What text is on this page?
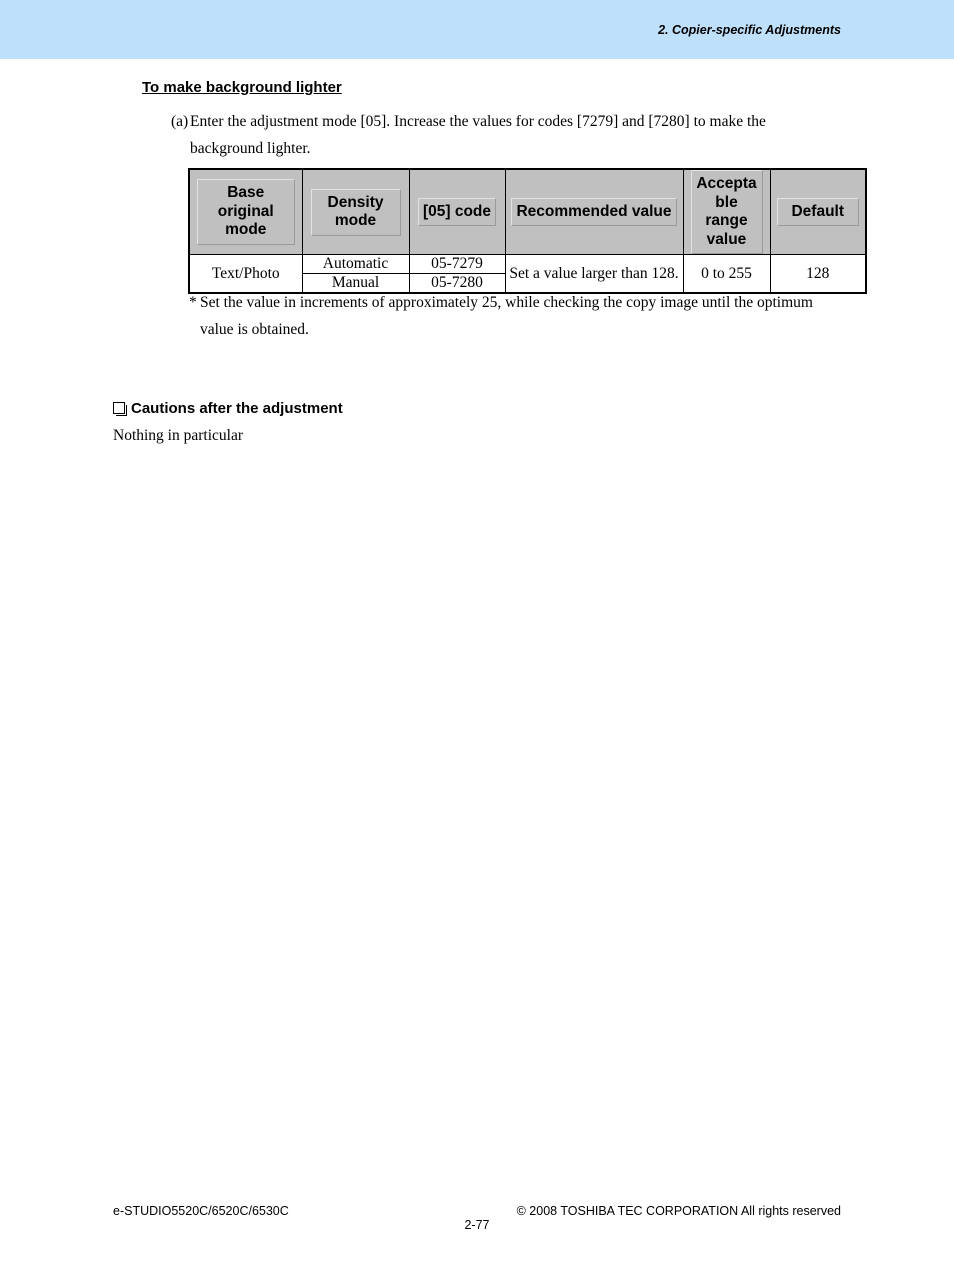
2. Copier-specific Adjustments
To make background lighter
(a) Enter the adjustment mode [05]. Increase the values for codes [7279] and [7280] to make the background lighter.
Base original mode	Density mode	[05] code	Recommended value	Accepta ble range value	Default
Text/Photo	Automatic	05-7279	Set a value larger than 128.	0 to 255	128
	Manual	05-7280			
* Set the value in increments of approximately 25, while checking the copy image until the optimum value is obtained.
Cautions after the adjustment
Nothing in particular
e-STUDIO5520C/6520C/6530C	© 2008 TOSHIBA TEC CORPORATION All rights reserved
2-77
